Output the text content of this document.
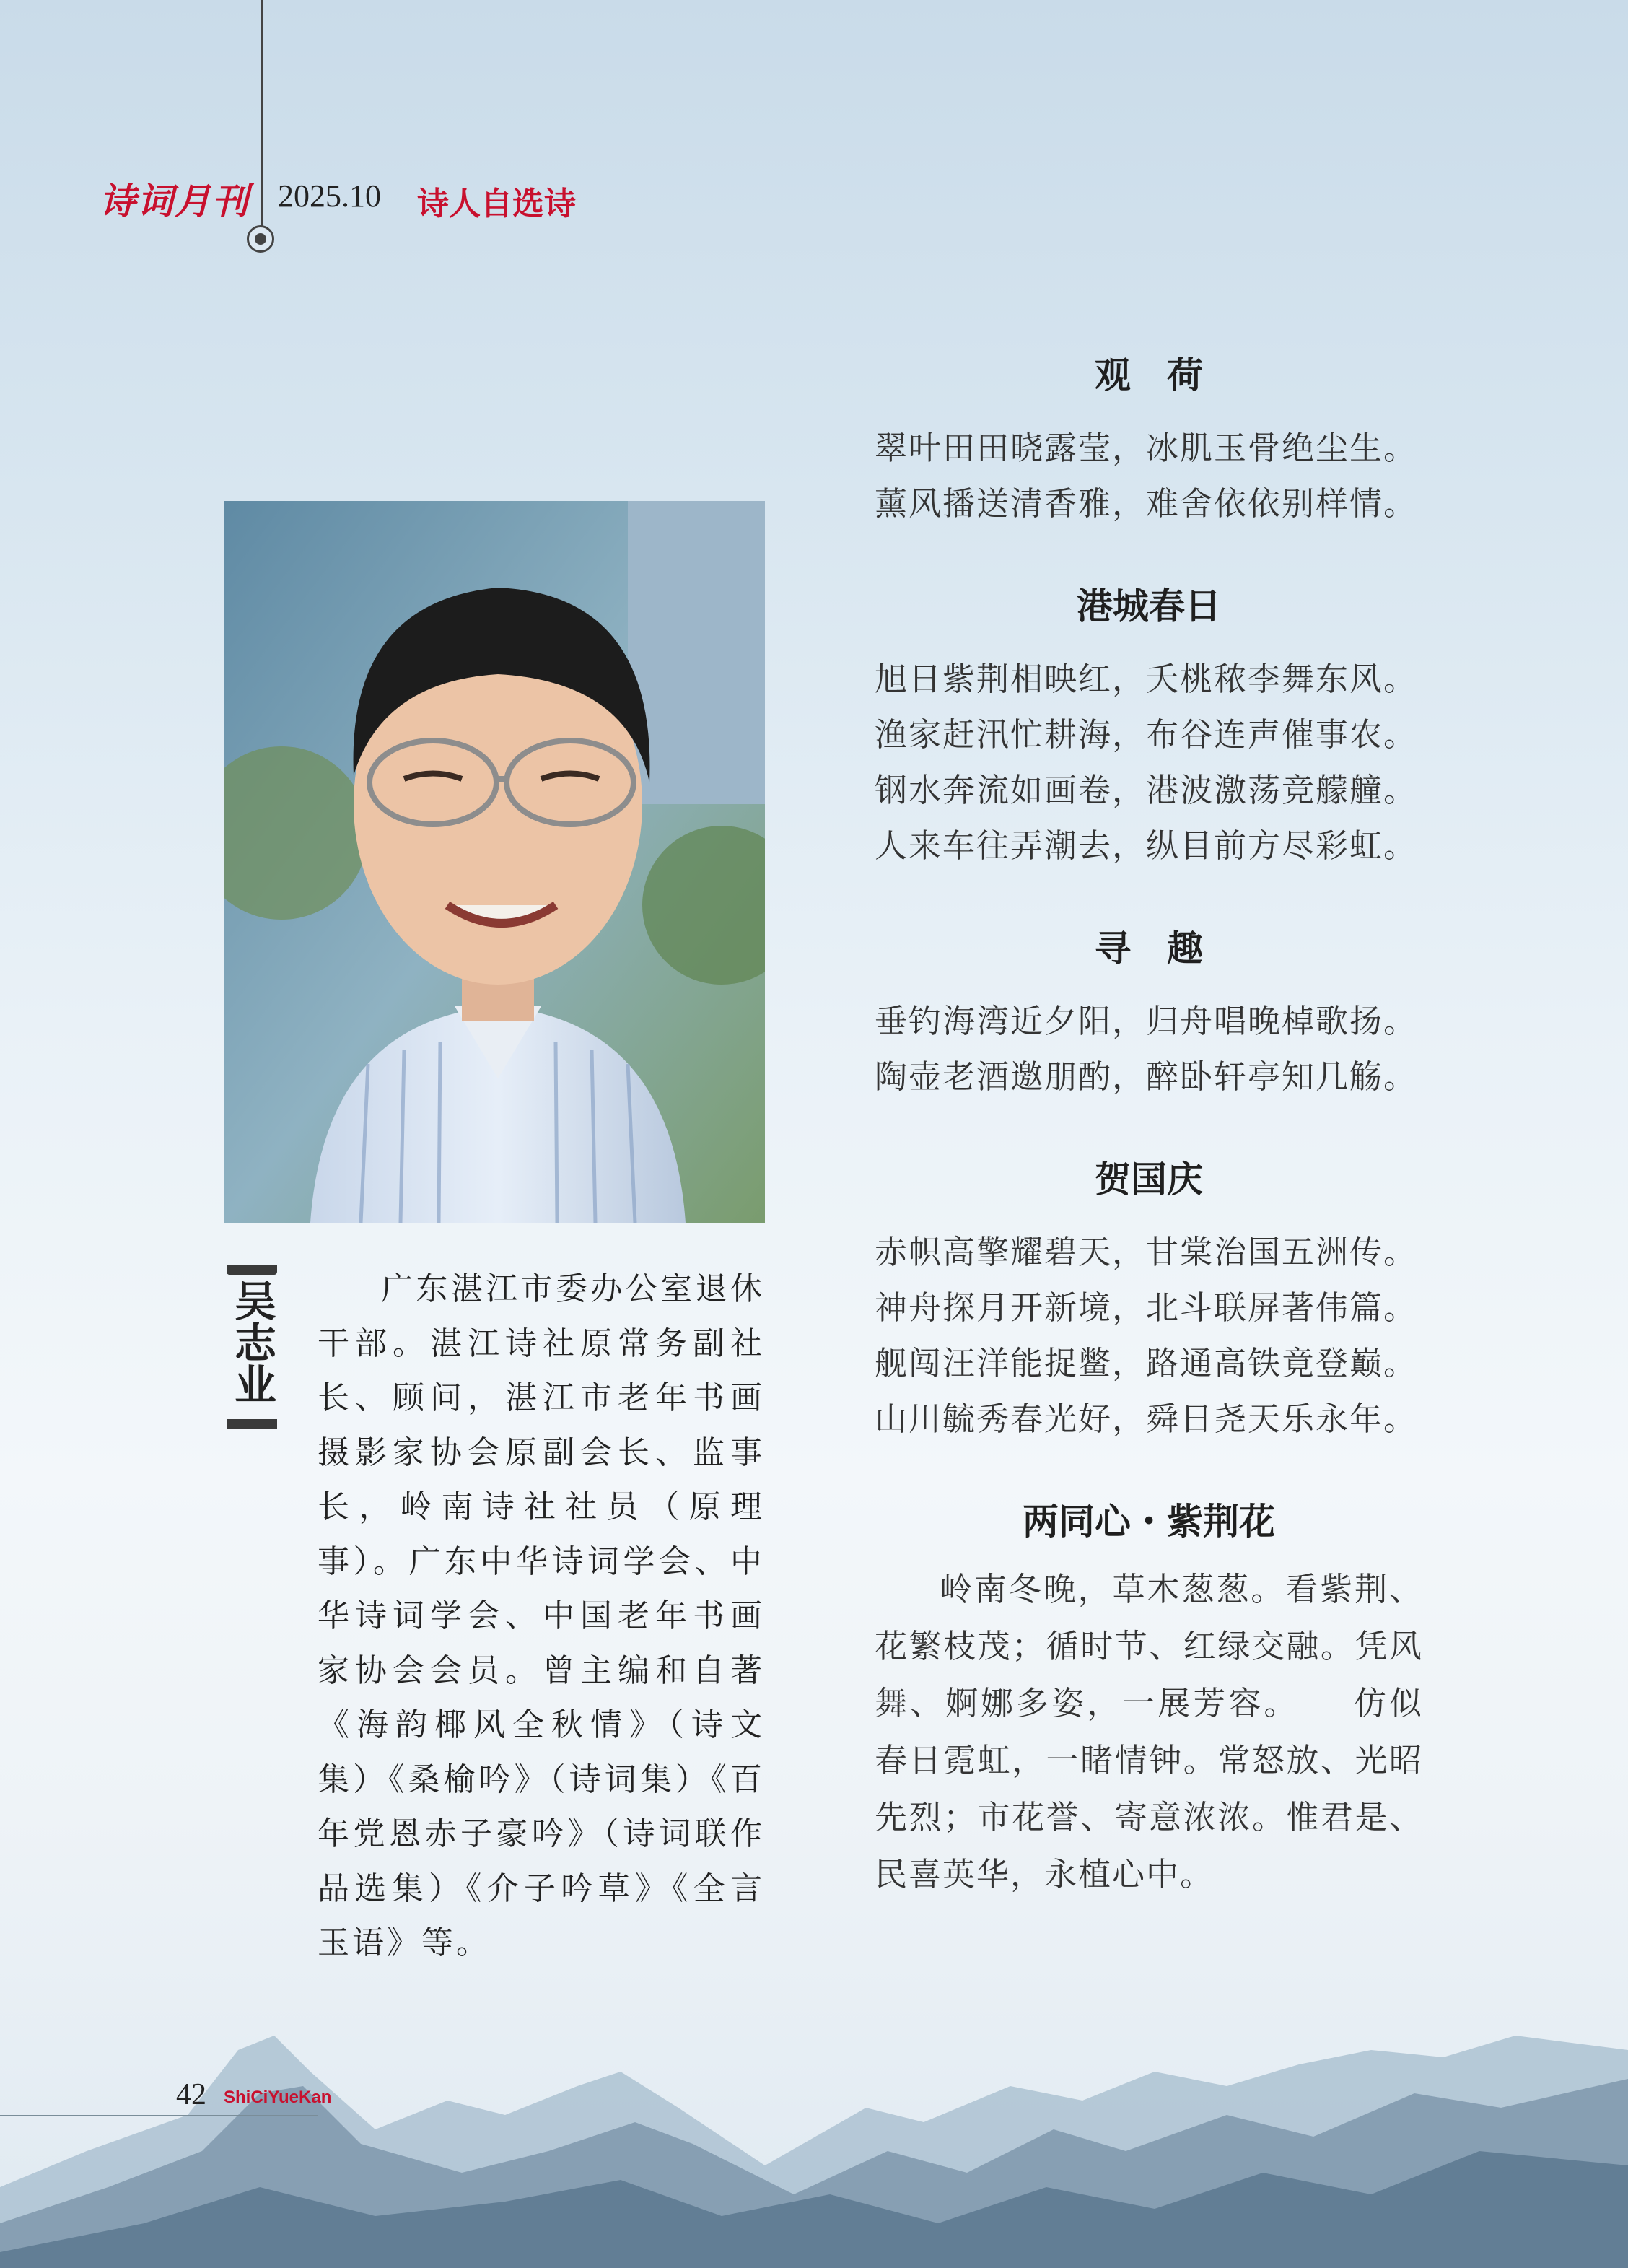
诗词月刊 2025.10 诗人自选诗
吴志业	广东湛江市委办公室退休干部。湛江诗社原常务副社长、顾问，湛江市老年书画摄影家协会原副会长、监事长，岭南诗社社员（原理事）。广东中华诗词学会、中华诗词学会、中国老年书画家协会会员。曾主编和自著《海韵椰风全秋情》（诗文集）《桑榆吟》（诗词集）《百年党恩赤子豪吟》（诗词联作品选集）《介子吟草》《全言玉语》等。
观　荷
翠叶田田晓露莹，冰肌玉骨绝尘生。
薰风播送清香雅，难舍依依别样情。
港城春日
旭日紫荆相映红，夭桃秾李舞东风。
渔家赶汛忙耕海，布谷连声催事农。
钢水奔流如画卷，港波激荡竞艨艟。
人来车往弄潮去，纵目前方尽彩虹。
寻　趣
垂钓海湾近夕阳，归舟唱晚棹歌扬。
陶壶老酒邀朋酌，醉卧轩亭知几觞。
贺国庆
赤帜高擎耀碧天，甘棠治国五洲传。
神舟探月开新境，北斗联屏著伟篇。
舰闯汪洋能捉鳖，路通高铁竟登巅。
山川毓秀春光好，舜日尧天乐永年。
两同心・紫荆花
岭南冬晚，草木葱葱。看紫荆、花繁枝茂；循时节、红绿交融。凭风舞、婀娜多姿，一展芳容。　　仿似春日霓虹，一睹情钟。常怒放、光昭先烈；市花誉、寄意浓浓。惟君是、民喜英华，永植心中。
42 ShiCiYueKan
